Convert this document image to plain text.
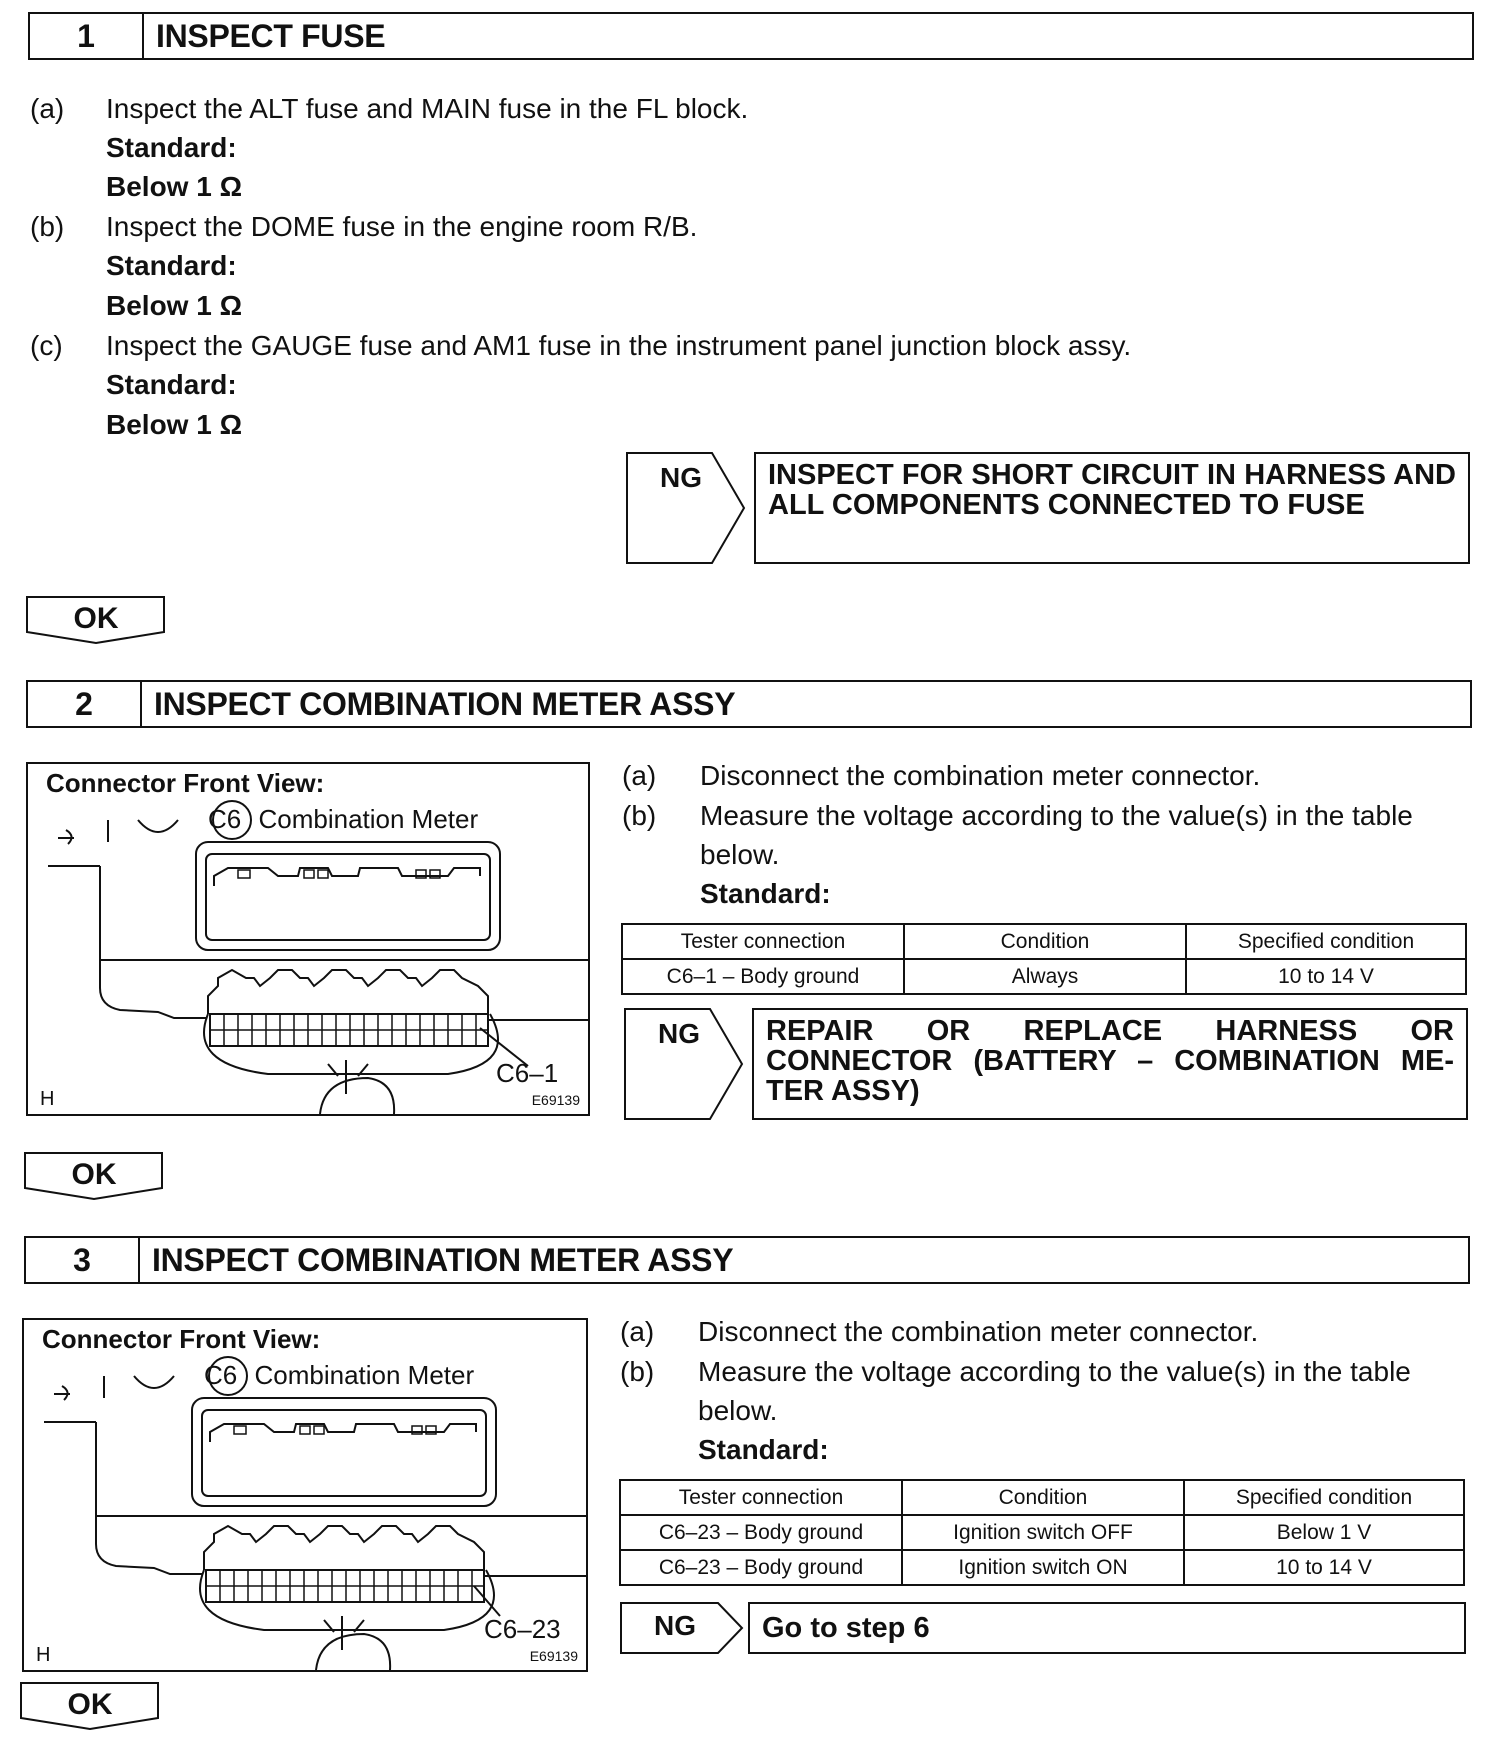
1	INSPECT FUSE
(a) Inspect the ALT fuse and MAIN fuse in the FL block.
Standard:
Below 1 Ω
(b) Inspect the DOME fuse in the engine room R/B.
Standard:
Below 1 Ω
(c) Inspect the GAUGE fuse and AM1 fuse in the instrument panel junction block assy.
Standard:
Below 1 Ω
NG	INSPECT FOR SHORT CIRCUIT IN HARNESS AND ALL COMPONENTS CONNECTED TO FUSE
OK
2	INSPECT COMBINATION METER ASSY
Connector Front View:
C6 Combination Meter
C6–1
H	E69139
(a) Disconnect the combination meter connector.
(b) Measure the voltage according to the value(s) in the table
below.
Standard:
Tester connection	Condition	Specified condition
C6–1 – Body ground	Always	10 to 14 V
NG REPAIR OR REPLACE HARNESS OR
CONNECTOR (BATTERY – COMBINATION ME-
TER ASSY)
OK
3	INSPECT COMBINATION METER ASSY
Connector Front View:
C6 Combination Meter
C6–23
H	E69139
(a) Disconnect the combination meter connector.
(b) Measure the voltage according to the value(s) in the table
below.
Standard:
Tester connection	Condition	Specified condition
C6–23 – Body ground	Ignition switch OFF	Below 1 V
C6–23 – Body ground	Ignition switch ON	10 to 14 V
NG	Go to step 6
OK
